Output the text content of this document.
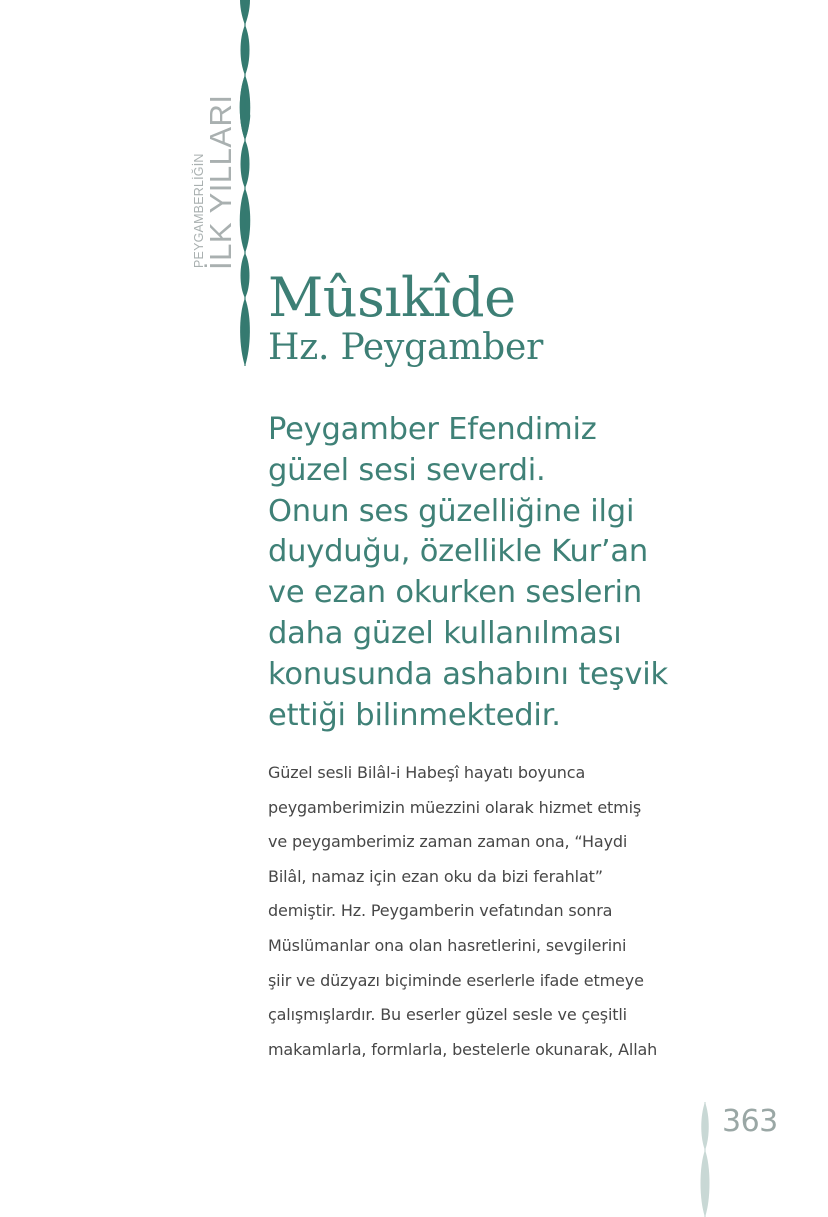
PEYGAMBERLİĞİN
İLK YILLARI
Mûsıkîde
Hz. Peygamber

Peygamber Efendimiz
güzel sesi severdi.
Onun ses güzelliğine ilgi
duyduğu, özellikle Kur’an
ve ezan okurken seslerin
daha güzel kullanılması
konusunda ashabını teşvik
ettiği bilinmektedir.

Güzel sesli Bilâl-i Habeşî hayatı boyunca
peygamberimizin müezzini olarak hizmet etmiş
ve peygamberimiz zaman zaman ona, “Haydi
Bilâl, namaz için ezan oku da bizi ferahlat”
demiştir. Hz. Peygamberin vefatından sonra
Müslümanlar ona olan hasretlerini, sevgilerini
şiir ve düzyazı biçiminde eserlerle ifade etmeye
çalışmışlardır. Bu eserler güzel sesle ve çeşitli
makamlarla, formlarla, bestelerle okunarak, Allah

363
